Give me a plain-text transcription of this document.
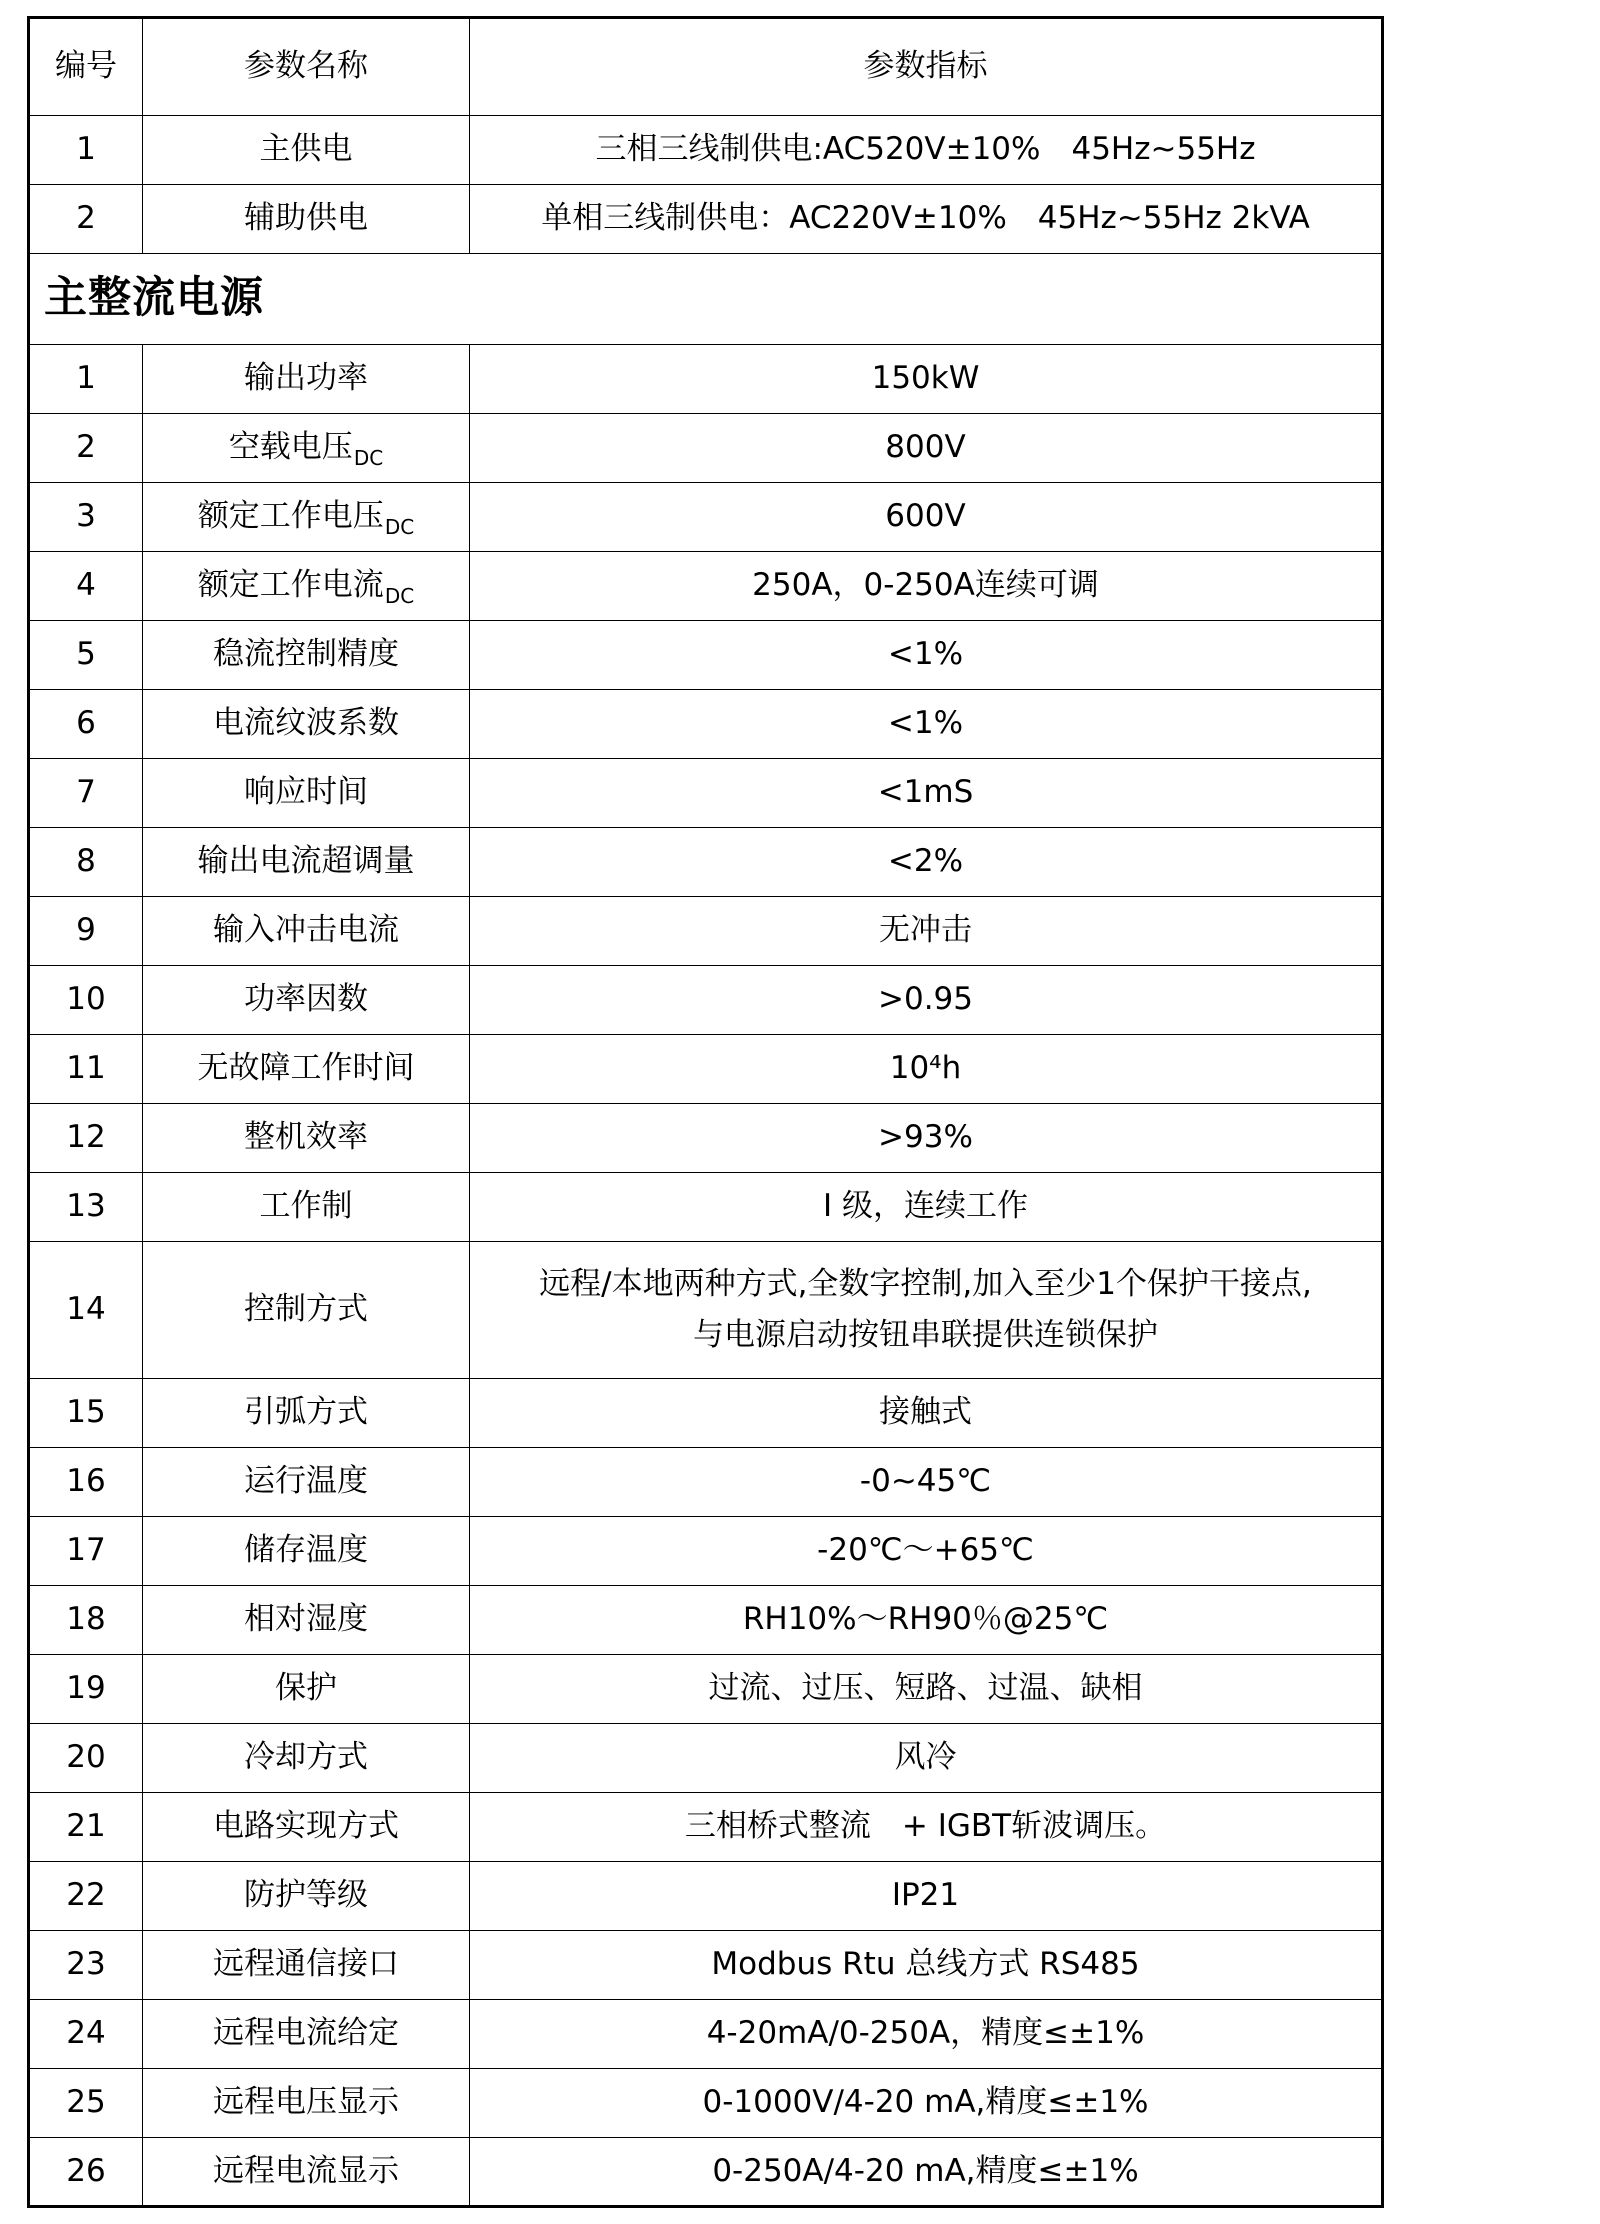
编号	参数名称	参数指标
1	主供电	三相三线制供电:AC520V±10%　45Hz~55Hz
2	辅助供电	单相三线制供电：AC220V±10%　45Hz~55Hz 2kVA
主整流电源		
1	输出功率	150kW
2	空载电压$_{DC}$	800V
3	额定工作电压$_{DC}$	600V
4	额定工作电流$_{DC}$	250A，0-250A连续可调
5	稳流控制精度	<1%
6	电流纹波系数	<1%
7	响应时间	<1mS
8	输出电流超调量	<2%
9	输入冲击电流	无冲击
10	功率因数	>0.95
11	无故障工作时间	10⁴h
12	整机效率	>93%
13	工作制	Ⅰ 级，连续工作
14	控制方式	远程/本地两种方式,全数字控制,加入至少1个保护干接点,
与电源启动按钮串联提供连锁保护

15	引弧方式	接触式
16	运行温度	-0~45℃
17	储存温度	-20℃～+65℃
18	相对湿度	RH10%～RH90％@25℃
19	保护	过流、过压、短路、过温、缺相
20	冷却方式	风冷
21	电路实现方式	三相桥式整流　+ IGBT斩波调压。
22	防护等级	IP21
23	远程通信接口	Modbus Rtu 总线方式 RS485
24	远程电流给定	4-20mA/0-250A，精度≤±1%
25	远程电压显示	0-1000V/4-20 mA,精度≤±1%
26	远程电流显示	0-250A/4-20 mA,精度≤±1%
